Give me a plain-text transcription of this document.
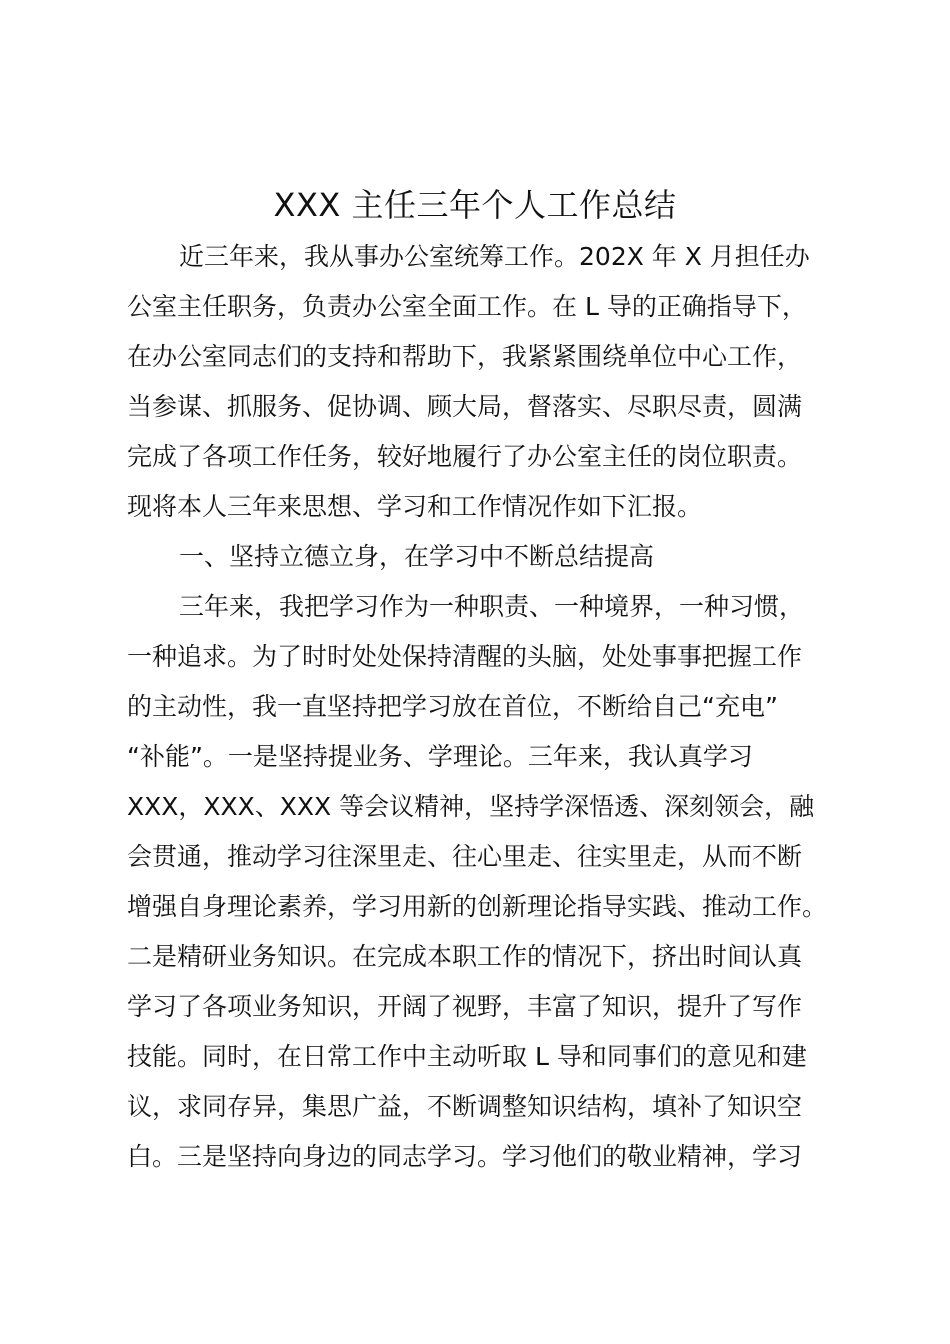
XXX 主任三年个人工作总结
近三年来，我从事办公室统筹工作。202X 年 X 月担任办
公室主任职务，负责办公室全面工作。在 L 导的正确指导下，
在办公室同志们的支持和帮助下，我紧紧围绕单位中心工作，
当参谋、抓服务、促协调、顾大局，督落实、尽职尽责，圆满
完成了各项工作任务，较好地履行了办公室主任的岗位职责。
现将本人三年来思想、学习和工作情况作如下汇报。
一、坚持立德立身，在学习中不断总结提高
三年来，我把学习作为一种职责、一种境界，一种习惯，
一种追求。为了时时处处保持清醒的头脑，处处事事把握工作
的主动性，我一直坚持把学习放在首位，不断给自己“充电”
“补能”。一是坚持提业务、学理论。三年来，我认真学习
XXX，XXX、XXX 等会议精神，坚持学深悟透、深刻领会，融
会贯通，推动学习往深里走、往心里走、往实里走，从而不断
增强自身理论素养，学习用新的创新理论指导实践、推动工作。
二是精研业务知识。在完成本职工作的情况下，挤出时间认真
学习了各项业务知识，开阔了视野，丰富了知识，提升了写作
技能。同时，在日常工作中主动听取 L 导和同事们的意见和建
议，求同存异，集思广益，不断调整知识结构，填补了知识空
白。三是坚持向身边的同志学习。学习他们的敬业精神，学习
